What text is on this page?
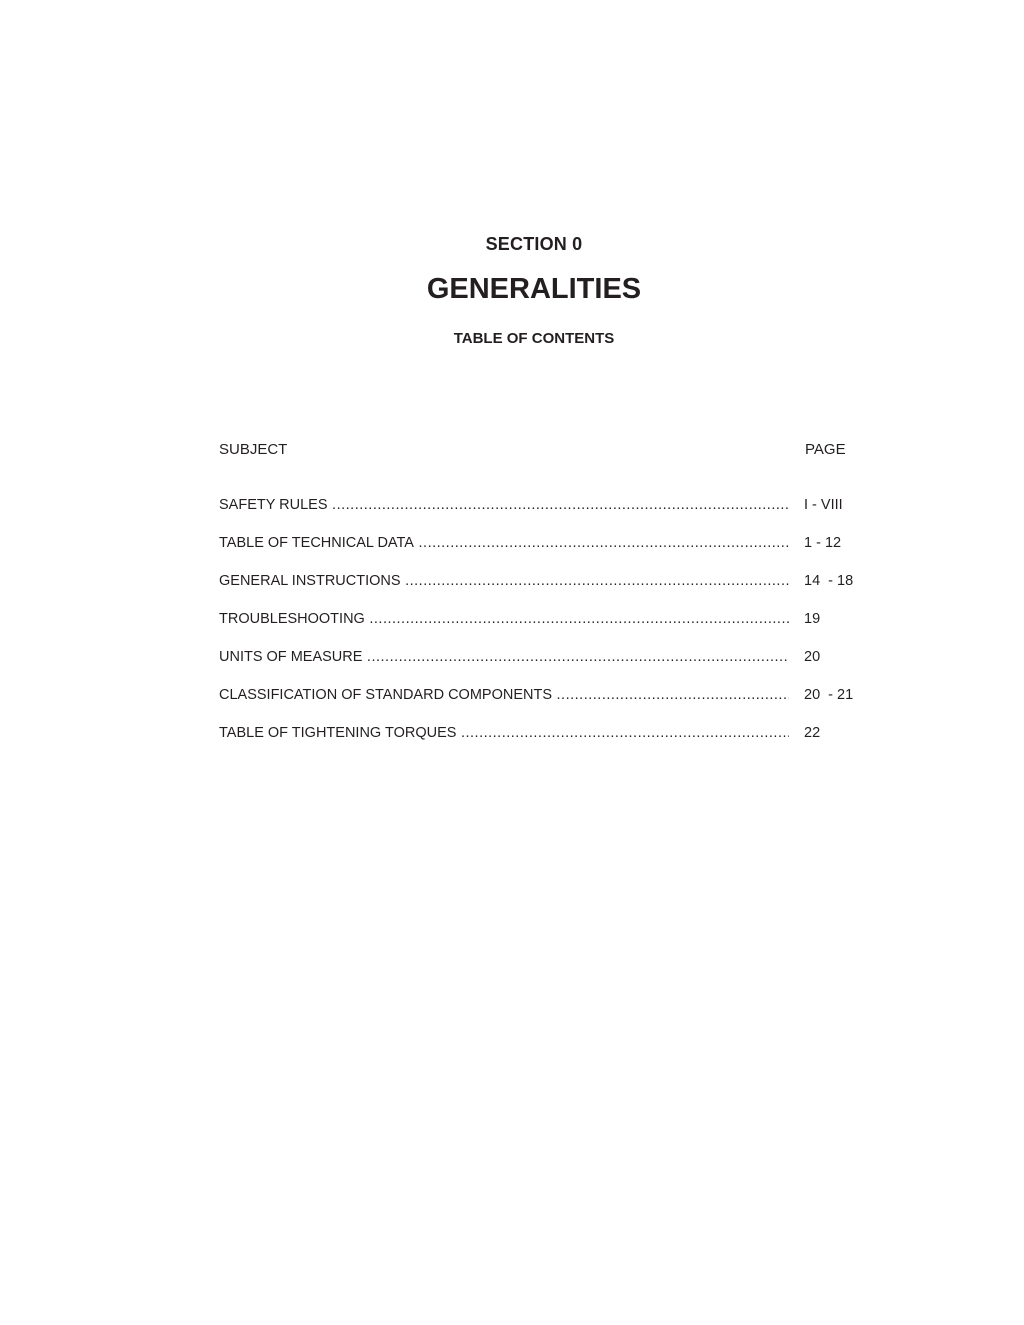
SECTION 0
GENERALITIES
TABLE OF CONTENTS
SUBJECT	PAGE
SAFETY RULES .....	I - VIII
TABLE OF TECHNICAL DATA .....	1 - 12
GENERAL INSTRUCTIONS .....	14  - 18
TROUBLESHOOTING .....	19
UNITS OF MEASURE .....	20
CLASSIFICATION OF STANDARD COMPONENTS .....	20  - 21
TABLE OF TIGHTENING TORQUES .....	22
